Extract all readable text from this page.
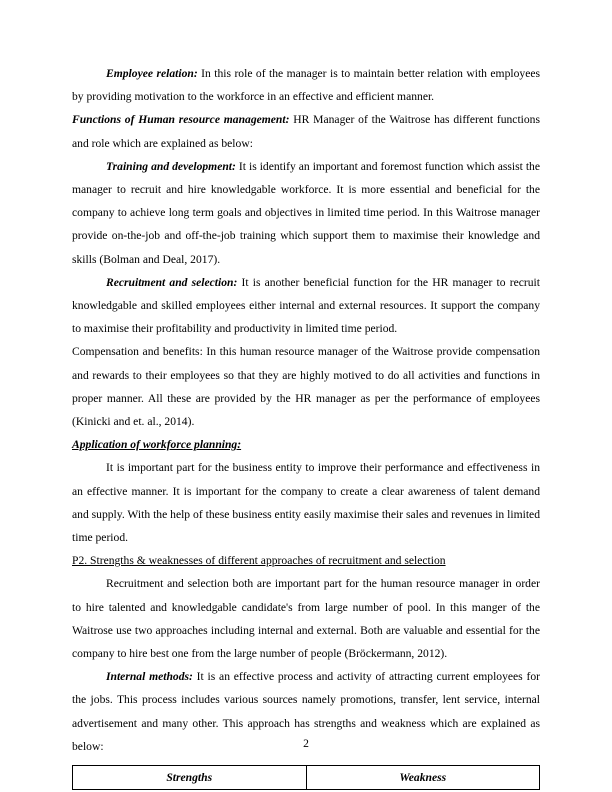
Employee relation: In this role of the manager is to maintain better relation with employees by providing motivation to the workforce in an effective and efficient manner.

Functions of Human resource management: HR Manager of the Waitrose has different functions and role which are explained as below:

Training and development: It is identify an important and foremost function which assist the manager to recruit and hire knowledgable workforce. It is more essential and beneficial for the company to achieve long term goals and objectives in limited time period. In this Waitrose manager provide on-the-job and off-the-job training which support them to maximise their knowledge and skills (Bolman and Deal, 2017).

Recruitment and selection: It is another beneficial function for the HR manager to recruit knowledgable and skilled employees either internal and external resources. It support the company to maximise their profitability and productivity in limited time period.

Compensation and benefits: In this human resource manager of the Waitrose provide compensation and rewards to their employees so that they are highly motived to do all activities and functions in proper manner. All these are provided by the HR manager as per the performance of employees (Kinicki and et. al., 2014).

Application of workforce planning:

It is important part for the business entity to improve their performance and effectiveness in an effective manner. It is important for the company to create a clear awareness of talent demand and supply. With the help of these business entity easily maximise their sales and revenues in limited time period.

P2. Strengths & weaknesses of different approaches of recruitment and selection

Recruitment and selection both are important part for the human resource manager in order to hire talented and knowledgable candidate's from large number of pool. In this manger of the Waitrose use two approaches including internal and external. Both are valuable and essential for the company to hire best one from the large number of people (Bröckermann, 2012).

Internal methods: It is an effective process and activity of attracting current employees for the jobs. This process includes various sources namely promotions, transfer, lent service, internal advertisement and many other. This approach has strengths and weakness which are explained as below:

Strengths	Weakness
2
